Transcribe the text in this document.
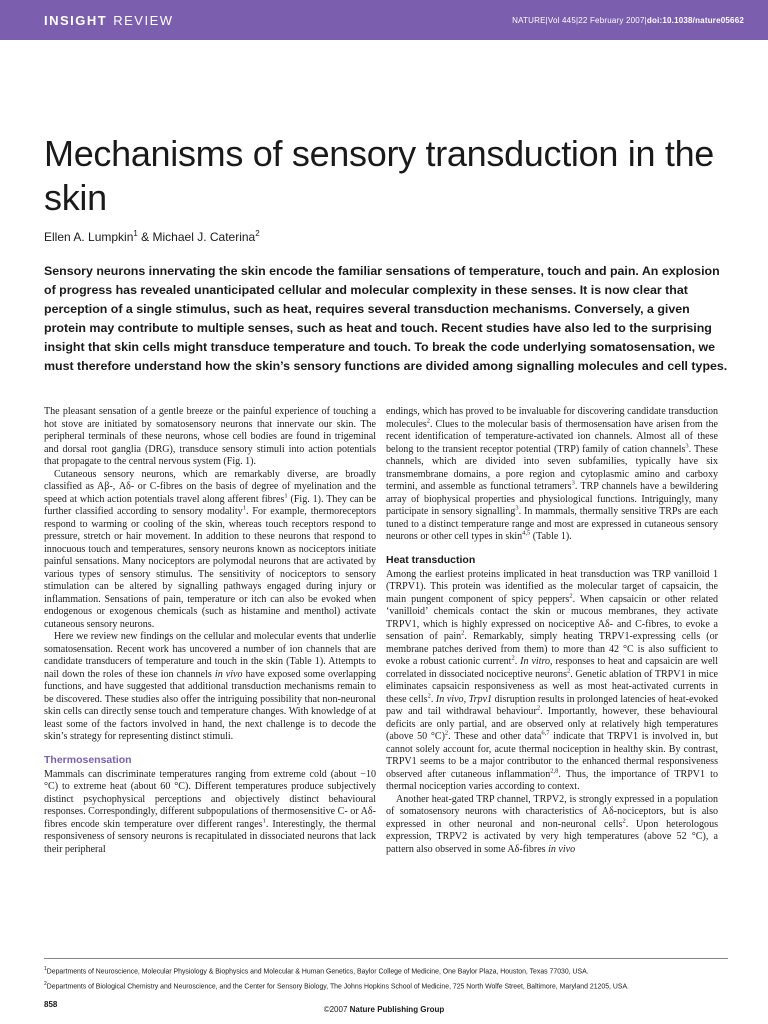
INSIGHT REVIEW	NATURE|Vol 445|22 February 2007|doi:10.1038/nature05662
Mechanisms of sensory transduction in the skin
Ellen A. Lumpkin$^1$ & Michael J. Caterina$^2$

Sensory neurons innervating the skin encode the familiar sensations of temperature, touch and pain. An explosion of progress has revealed unanticipated cellular and molecular complexity in these senses. It is now clear that perception of a single stimulus, such as heat, requires several transduction mechanisms. Conversely, a given protein may contribute to multiple senses, such as heat and touch. Recent studies have also led to the surprising insight that skin cells might transduce temperature and touch. To break the code underlying somatosensation, we must therefore understand how the skin’s sensory functions are divided among signalling molecules and cell types.

The pleasant sensation of a gentle breeze or the painful experience of touching a hot stove are initiated by somatosensory neurons that innervate our skin. The peripheral terminals of these neurons, whose cell bodies are found in trigeminal and dorsal root ganglia (DRG), transduce sensory stimuli into action potentials that propagate to the central nervous system (Fig. 1).

Cutaneous sensory neurons, which are remarkably diverse, are broadly classified as Aβ-, Aδ- or C-fibres on the basis of degree of myelination and the speed at which action potentials travel along afferent fibres$^1$ (Fig. 1). They can be further classified according to sensory modality$^1$. For example, thermoreceptors respond to warming or cooling of the skin, whereas touch receptors respond to pressure, stretch or hair movement. In addition to these neurons that respond to innocuous touch and temperatures, sensory neurons known as nociceptors initiate painful sensations. Many nociceptors are polymodal neurons that are activated by various types of sensory stimulus. The sensitivity of nociceptors to sensory stimulation can be altered by signalling pathways engaged during injury or inflammation. Sensations of pain, temperature or itch can also be evoked when endogenous or exogenous chemicals (such as histamine and menthol) activate cutaneous sensory neurons.

Here we review new findings on the cellular and molecular events that underlie somatosensation. Recent work has uncovered a number of ion channels that are candidate transducers of temperature and touch in the skin (Table 1). Attempts to nail down the roles of these ion channels in vivo have exposed some overlapping functions, and have suggested that additional transduction mechanisms remain to be discovered. These studies also offer the intriguing possibility that non-neuronal skin cells can directly sense touch and temperature changes. With knowledge of at least some of the factors involved in hand, the next challenge is to decode the skin’s strategy for representing distinct stimuli.

Thermosensation

Mammals can discriminate temperatures ranging from extreme cold (about −10 °C) to extreme heat (about 60 °C). Different temperatures produce subjectively distinct psychophysical perceptions and objectively distinct behavioural responses. Correspondingly, different subpopulations of thermosensitive C- or Aδ-fibres encode skin temperature over different ranges$^1$. Interestingly, the thermal responsiveness of sensory neurons is recapitulated in dissociated neurons that lack their peripheral

endings, which has proved to be invaluable for discovering candidate transduction molecules$^2$. Clues to the molecular basis of thermosensation have arisen from the recent identification of temperature-activated ion channels. Almost all of these belong to the transient receptor potential (TRP) family of cation channels$^3$. These channels, which are divided into seven subfamilies, typically have six transmembrane domains, a pore region and cytoplasmic amino and carboxy termini, and assemble as functional tetramers$^3$. TRP channels have a bewildering array of biophysical properties and physiological functions. Intriguingly, many participate in sensory signalling$^3$. In mammals, thermally sensitive TRPs are each tuned to a distinct temperature range and most are expressed in cutaneous sensory neurons or other cell types in skin$^{4,5}$ (Table 1).

Heat transduction

Among the earliest proteins implicated in heat transduction was TRP vanilloid 1 (TRPV1). This protein was identified as the molecular target of capsaicin, the main pungent component of spicy peppers$^2$. When capsaicin or other related ‘vanilloid’ chemicals contact the skin or mucous membranes, they activate TRPV1, which is highly expressed on nociceptive Aδ- and C-fibres, to evoke a sensation of pain$^2$. Remarkably, simply heating TRPV1-expressing cells (or membrane patches derived from them) to more than 42 °C is also sufficient to evoke a robust cationic current$^2$. In vitro, responses to heat and capsaicin are well correlated in dissociated nociceptive neurons$^2$. Genetic ablation of TRPV1 in mice eliminates capsaicin responsiveness as well as most heat-activated currents in these cells$^2$. In vivo, Trpv1 disruption results in prolonged latencies of heat-evoked paw and tail withdrawal behaviour$^2$. Importantly, however, these behavioural deficits are only partial, and are observed only at relatively high temperatures (above 50 °C)$^2$. These and other data$^{6,7}$ indicate that TRPV1 is involved in, but cannot solely account for, acute thermal nociception in healthy skin. By contrast, TRPV1 seems to be a major contributor to the enhanced thermal responsiveness observed after cutaneous inflammation$^{2,8}$. Thus, the importance of TRPV1 to thermal nociception varies according to context.

Another heat-gated TRP channel, TRPV2, is strongly expressed in a population of somatosensory neurons with characteristics of Aδ-nociceptors, but is also expressed in other neuronal and non-neuronal cells$^2$. Upon heterologous expression, TRPV2 is activated by very high temperatures (above 52 °C), a pattern also observed in some Aδ-fibres in vivo

$^1$Departments of Neuroscience, Molecular Physiology & Biophysics and Molecular & Human Genetics, Baylor College of Medicine, One Baylor Plaza, Houston, Texas 77030, USA.
$^2$Departments of Biological Chemistry and Neuroscience, and the Center for Sensory Biology, The Johns Hopkins School of Medicine, 725 North Wolfe Street, Baltimore, Maryland 21205, USA.
858
©2007 Nature Publishing Group
